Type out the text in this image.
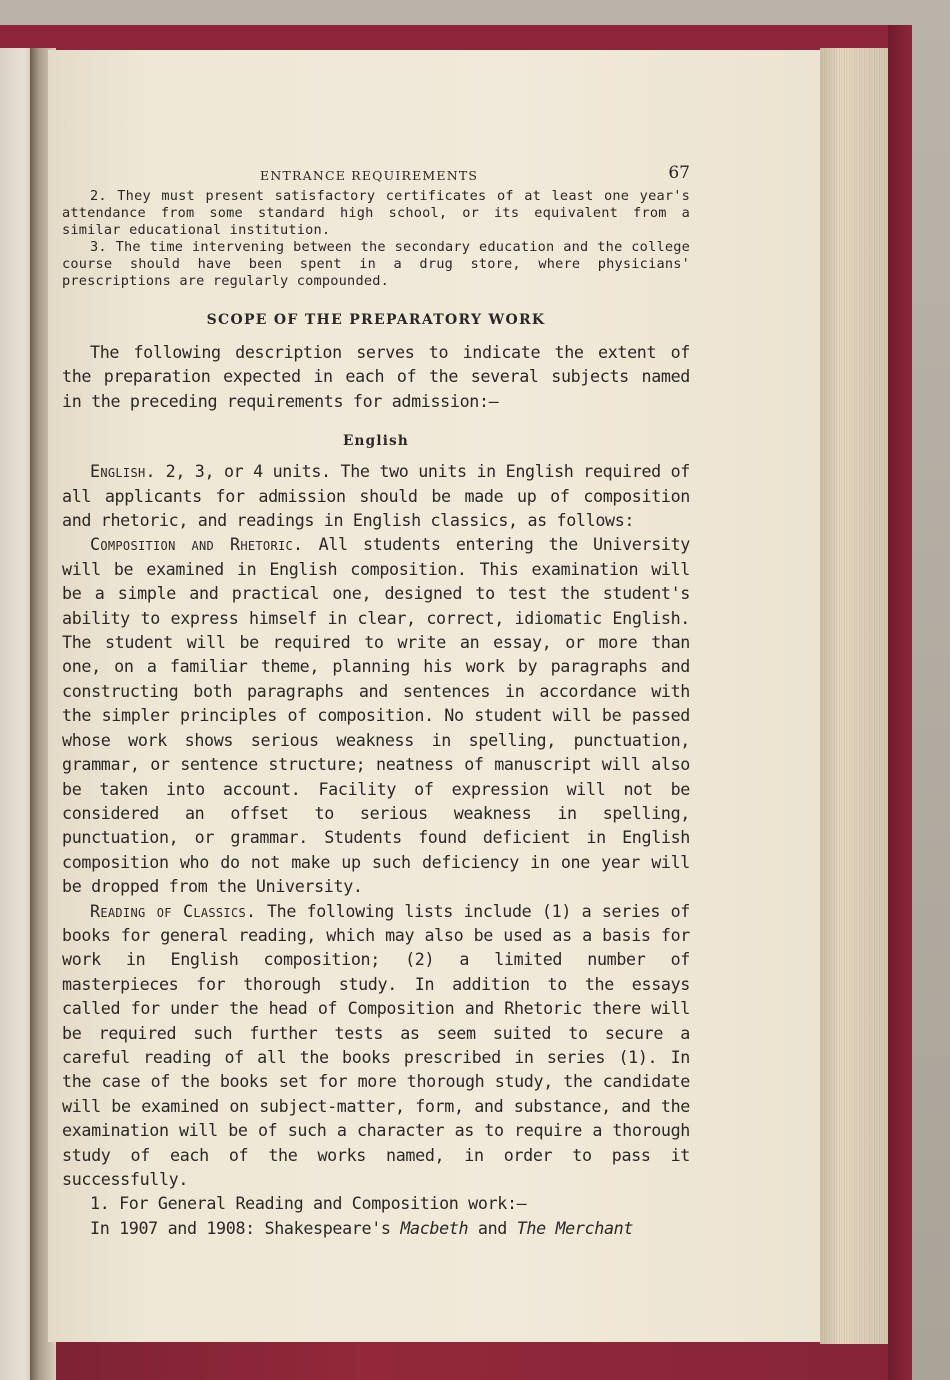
ENTRANCE REQUIREMENTS	67

2. They must present satisfactory certificates of at least one year's attendance from some standard high school, or its equivalent from a similar educational institution.

3. The time intervening between the secondary education and the college course should have been spent in a drug store, where physicians' prescriptions are regularly compounded.

SCOPE OF THE PREPARATORY WORK

The following description serves to indicate the extent of the preparation expected in each of the several subjects named in the preceding requirements for admission:—

English

English. 2, 3, or 4 units. The two units in English required of all applicants for admission should be made up of composition and rhetoric, and readings in English classics, as follows:

Composition and Rhetoric. All students entering the University will be examined in English composition. This examination will be a simple and practical one, designed to test the student's ability to express himself in clear, correct, idiomatic English. The student will be required to write an essay, or more than one, on a familiar theme, planning his work by paragraphs and constructing both paragraphs and sentences in accordance with the simpler principles of composition. No student will be passed whose work shows serious weakness in spelling, punctuation, grammar, or sentence structure; neatness of manuscript will also be taken into account. Facility of expression will not be considered an offset to serious weakness in spelling, punctuation, or grammar. Students found deficient in English composition who do not make up such deficiency in one year will be dropped from the University.

Reading of Classics. The following lists include (1) a series of books for general reading, which may also be used as a basis for work in English composition; (2) a limited number of masterpieces for thorough study. In addition to the essays called for under the head of Composition and Rhetoric there will be required such further tests as seem suited to secure a careful reading of all the books prescribed in series (1). In the case of the books set for more thorough study, the candidate will be examined on subject-matter, form, and substance, and the examination will be of such a character as to require a thorough study of each of the works named, in order to pass it successfully.

1. For General Reading and Composition work:—

In 1907 and 1908: Shakespeare's Macbeth and The Merchant
